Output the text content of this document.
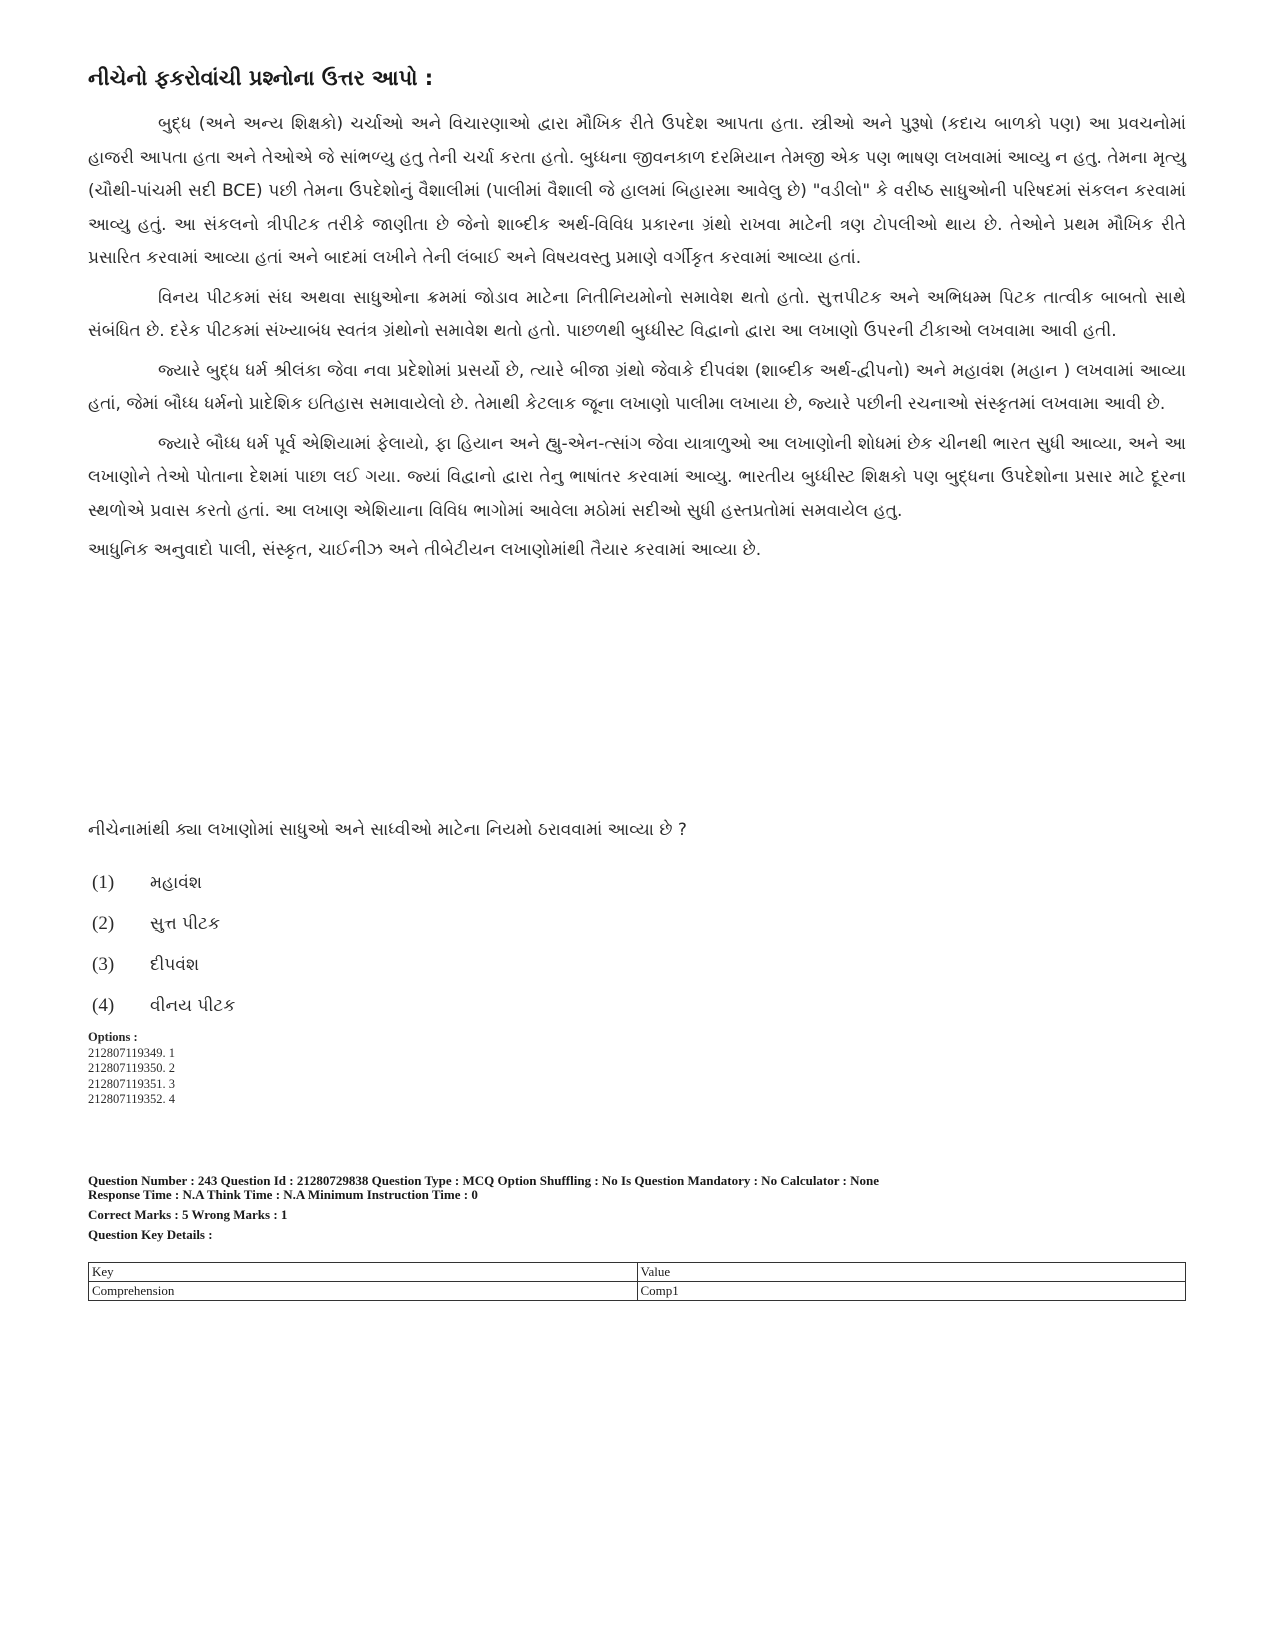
નીચેનો ફકરોવાંચી પ્રશ્નોના ઉત્તર આપો :

બુદ્ધ (અને અન્ય શિક્ષકો) ચર્ચાઓ અને વિચારણાઓ દ્વારા મૌખિક રીતે ઉપદેશ આપતા હતા. સ્ત્રીઓ અને પુરૂષો (કદાચ બાળકો પણ) આ પ્રવચનોમાં હાજરી આપતા હતા અને તેઓએ જે સાંભળ્યુ હતુ તેની ચર્ચા કરતા હતો. બુધ્ધના જીવનકાળ દરમિયાન તેમજી એક પણ ભાષણ લખવામાં આવ્યુ ન હતુ. તેમના મૃત્યુ (ચૌથી-પાંચમી સદી BCE) પછી તેમના ઉપદેશોનું વૈશાલીમાં (પાલીમાં વૈશાલી જે હાલમાં બિહારમા આવેલુ છે) "વડીલો" કે વરીષ્ઠ સાધુઓની પરિષદમાં સંકલન કરવામાં આવ્યુ હતું. આ સંકલનો ત્રીપીટક તરીકે જાણીતા છે જેનો શાબ્દીક અર્થ-વિવિધ પ્રકારના ગ્રંથો રાખવા માટેની ત્રણ ટોપલીઓ થાય છે. તેઓને પ્રથમ મૌખિક રીતે પ્રસારિત કરવામાં આવ્યા હતાં અને બાદમાં લખીને તેની લંબાઈ અને વિષયવસ્તુ પ્રમાણે વર્ગીકૃત કરવામાં આવ્યા હતાં.

વિનય પીટકમાં સંઘ અથવા સાધુઓના ક્રમમાં જોડાવ માટેના નિતીનિયમોનો સમાવેશ થતો હતો. સુત્તપીટક અને અભિધમ્મ પિટક તાત્વીક બાબતો સાથે સંબંધિત છે. દરેક પીટકમાં સંખ્યાબંધ સ્વતંત્ર ગ્રંથોનો સમાવેશ થતો હતો. પાછળથી બુધ્ધીસ્ટ વિદ્વાનો દ્વારા આ લખાણો ઉપરની ટીકાઓ લખવામા આવી હતી.

જ્યારે બુદ્ધ ધર્મ શ્રીલંકા જેવા નવા પ્રદેશોમાં પ્રસર્યો છે, ત્યારે બીજા ગ્રંથો જેવાકે દીપવંશ (શાબ્દીક અર્થ-દ્વીપનો) અને મહાવંશ (મહાન ) લખવામાં આવ્યા હતાં, જેમાં બૌધ્ધ ધર્મનો પ્રાદેશિક ઇતિહાસ સમાવાયેલો છે. તેમાથી કેટલાક જૂના લખાણો પાલીમા લખાયા છે, જ્યારે પછીની રચનાઓ સંસ્કૃતમાં લખવામા આવી છે.

જ્યારે બૌધ્ધ ધર્મ પૂર્વ એશિયામાં ફેલાયો, ફા હિયાન અને હ્યુ-એન-ત્સાંગ જેવા યાત્રાળુઓ આ લખાણોની શોધમાં છેક ચીનથી ભારત સુધી આવ્યા, અને આ લખાણોને તેઓ પોતાના દેશમાં પાછા લઈ ગયા. જ્યાં વિદ્વાનો દ્વારા તેનુ ભાષાંતર કરવામાં આવ્યુ. ભારતીય બુધ્ધીસ્ટ શિક્ષકો પણ બુદ્ધના ઉપદેશોના પ્રસાર માટે દૂરના સ્થળોએ પ્રવાસ કરતો હતાં. આ લખાણ એશિયાના વિવિધ ભાગોમાં આવેલા મઠોમાં સદીઓ સુધી હસ્તપ્રતોમાં સમવાયેલ હતુ.

આધુનિક અનુવાદો પાલી, સંસ્કૃત, ચાઈનીઝ અને તીબેટીયન લખાણોમાંથી તૈયાર કરવામાં આવ્યા છે.

નીચેનામાંથી ક્યા લખાણોમાં સાધુઓ અને સાધ્વીઓ માટેના નિયમો ઠરાવવામાં આવ્યા છે ?
(1)	મહાવંશ
(2)	સુત્ત પીટક
(3)	દીપવંશ
(4)	વીનય પીટક
Options :
212807119349. 1
212807119350. 2
212807119351. 3
212807119352. 4
Question Number : 243 Question Id : 21280729838 Question Type : MCQ Option Shuffling : No Is Question Mandatory : No Calculator : None
Response Time : N.A Think Time : N.A Minimum Instruction Time : 0
Correct Marks : 5 Wrong Marks : 1
Question Key Details :
Key	Value
Comprehension	Comp1
